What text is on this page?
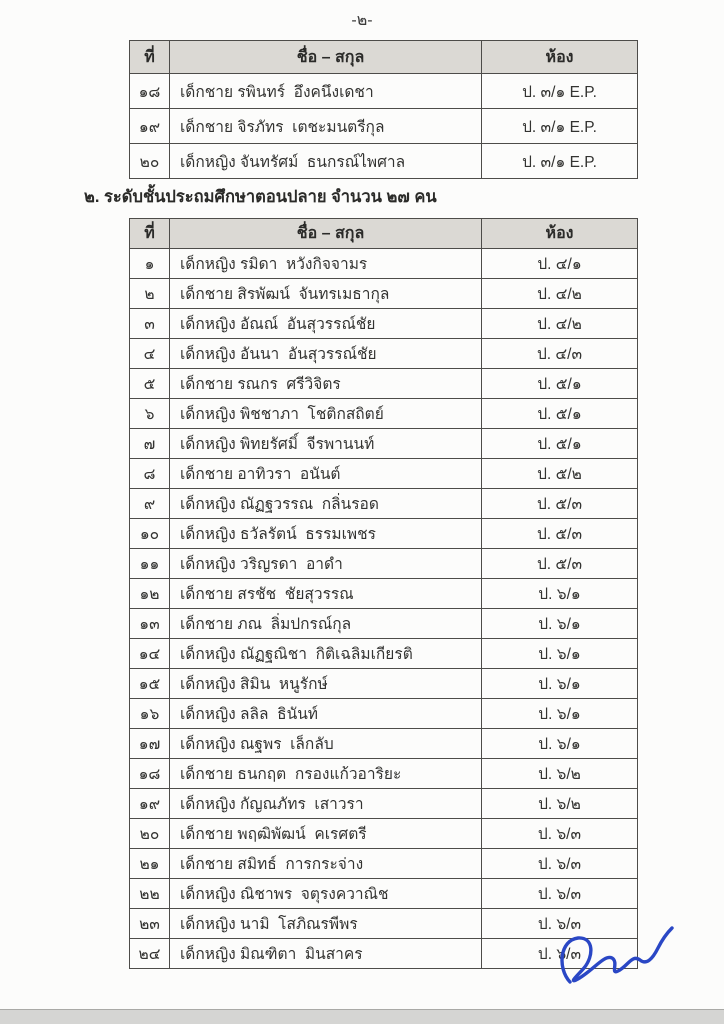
-๒-
ที่	ชื่อ – สกุล	ห้อง
๑๘	เด็กชาย รพินทร์  อึงคนึงเดชา	ป. ๓/๑ E.P.
๑๙	เด็กชาย จิรภัทร  เตชะมนตรีกุล	ป. ๓/๑ E.P.
๒๐	เด็กหญิง จันทรัศม์  ธนกรณ์ไพศาล	ป. ๓/๑ E.P.
๒. ระดับชั้นประถมศึกษาตอนปลาย จำนวน ๒๗ คน
ที่	ชื่อ – สกุล	ห้อง
๑	เด็กหญิง รมิดา  หวังกิจจามร	ป. ๔/๑
๒	เด็กชาย สิรพัฒน์  จันทรเมธากุล	ป. ๔/๒
๓	เด็กหญิง อัณณ์  อันสุวรรณ์ชัย	ป. ๔/๒
๔	เด็กหญิง อันนา  อันสุวรรณ์ชัย	ป. ๔/๓
๕	เด็กชาย รณกร  ศรีวิจิตร	ป. ๕/๑
๖	เด็กหญิง พิชชาภา  โชติกสถิตย์	ป. ๕/๑
๗	เด็กหญิง พิทยรัศมิ์  จีรพานนท์	ป. ๕/๑
๘	เด็กชาย อาทิวรา  อนันต์	ป. ๕/๒
๙	เด็กหญิง ณัฏฐวรรณ  กลิ่นรอด	ป. ๕/๓
๑๐	เด็กหญิง ธวัลรัตน์  ธรรมเพชร	ป. ๕/๓
๑๑	เด็กหญิง วริญรดา  อาดำ	ป. ๕/๓
๑๒	เด็กชาย สรชัช  ชัยสุวรรณ	ป. ๖/๑
๑๓	เด็กชาย ภณ  ลิ่มปกรณ์กุล	ป. ๖/๑
๑๔	เด็กหญิง ณัฏฐณิชา  กิติเฉลิมเกียรติ	ป. ๖/๑
๑๕	เด็กหญิง สิมิน  หนูรักษ์	ป. ๖/๑
๑๖	เด็กหญิง ลลิล  ธินันท์	ป. ๖/๑
๑๗	เด็กหญิง ณฐพร  เล็กลับ	ป. ๖/๑
๑๘	เด็กชาย ธนกฤต  กรองแก้วอาริยะ	ป. ๖/๒
๑๙	เด็กหญิง กัญณภัทร  เสาวรา	ป. ๖/๒
๒๐	เด็กชาย พฤฒิพัฒน์  คเรศตรี	ป. ๖/๓
๒๑	เด็กชาย สมิทธ์  การกระจ่าง	ป. ๖/๓
๒๒	เด็กหญิง ณิชาพร  จตุรงควาณิช	ป. ๖/๓
๒๓	เด็กหญิง นามิ  โสภิณรพีพร	ป. ๖/๓
๒๔	เด็กหญิง มิณฑิตา  มินสาคร	ป. ๖/๓
